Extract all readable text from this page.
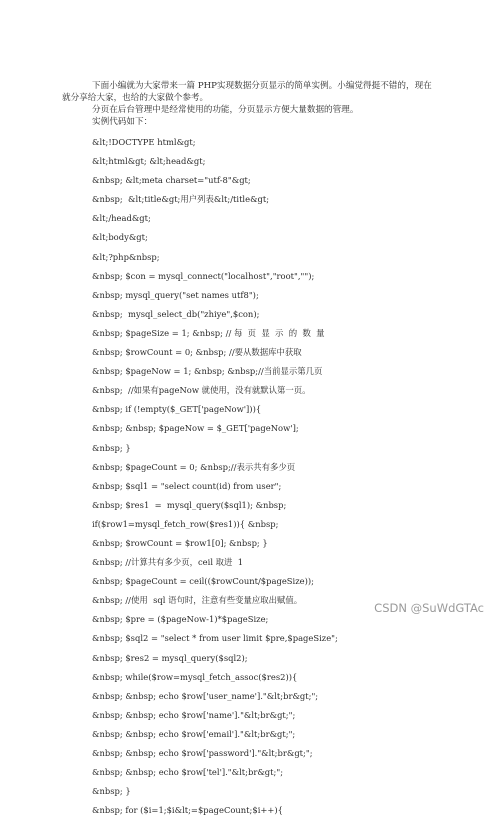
下面小编就为大家带来一篇 PHP实现数据分页显示的简单实例。小编觉得挺不错的，现在就分享给大家，也给的大家做个参考。

分页在后台管理中是经常使用的功能，分页显示方便大量数据的管理。

实例代码如下：

&lt;!DOCTYPE html&gt;
&lt;html&gt; &lt;head&gt;
&nbsp; &lt;meta charset="utf-8"&gt;
&nbsp;  &lt;title&gt;用户列表&lt;/title&gt;
&lt;/head&gt;
&lt;body&gt;
&lt;?php&nbsp;
&nbsp; $con = mysql_connect("localhost","root","");
&nbsp; mysql_query("set names utf8");
&nbsp;  mysql_select_db("zhiye",$con);
&nbsp; $pageSize = 1; &nbsp; // 每  页  显  示  的  数  量
&nbsp; $rowCount = 0; &nbsp; //要从数据库中获取
&nbsp; $pageNow = 1; &nbsp; &nbsp;//当前显示第几页
&nbsp;  //如果有pageNow 就使用，没有就默认第一页。
&nbsp; if (!empty($_GET['pageNow'])){
&nbsp; &nbsp; $pageNow = $_GET['pageNow'];
&nbsp; }
&nbsp; $pageCount = 0; &nbsp;//表示共有多少页
&nbsp; $sql1 = "select count(id) from user";
&nbsp; $res1  =  mysql_query($sql1); &nbsp;
if($row1=mysql_fetch_row($res1)){ &nbsp;
&nbsp; $rowCount = $row1[0]; &nbsp; }
&nbsp; //计算共有多少页，ceil 取进  1
&nbsp; $pageCount = ceil(($rowCount/$pageSize));
&nbsp; //使用  sql 语句时，注意有些变量应取出赋值。
&nbsp; $pre = ($pageNow-1)*$pageSize;
&nbsp; $sql2 = "select * from user limit $pre,$pageSize";
&nbsp; $res2 = mysql_query($sql2);
&nbsp; while($row=mysql_fetch_assoc($res2)){
&nbsp; &nbsp; echo $row['user_name']."&lt;br&gt;";
&nbsp; &nbsp; echo $row['name']."&lt;br&gt;";
&nbsp; &nbsp; echo $row['email']."&lt;br&gt;";
&nbsp; &nbsp; echo $row['password']."&lt;br&gt;";
&nbsp; &nbsp; echo $row['tel']."&lt;br&gt;";
&nbsp; }
&nbsp; for ($i=1;$i&lt;=$pageCount;$i++){
CSDN @SuWdGTAc
